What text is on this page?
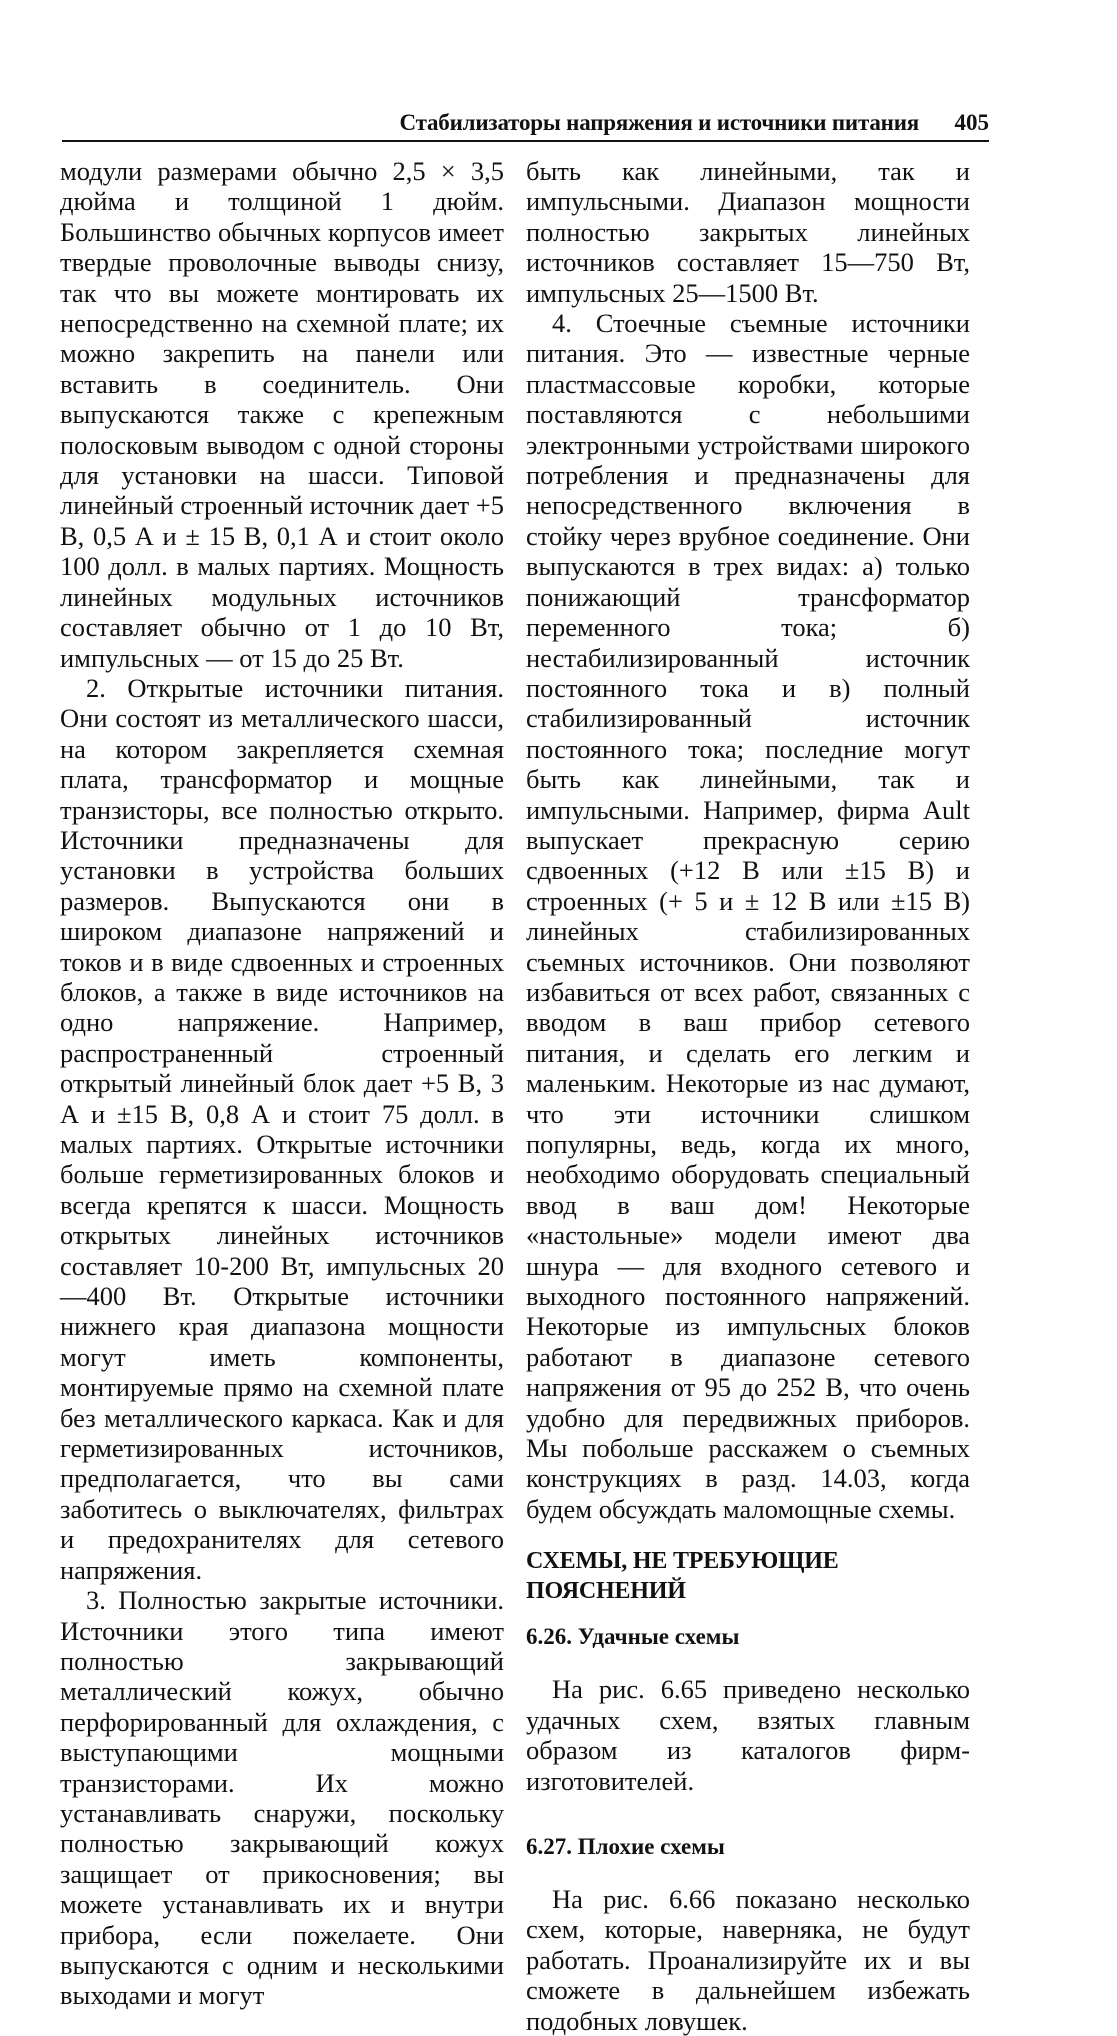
Стабилизаторы напряжения и источники питания 405

модули размерами обычно 2,5 × 3,5 дюйма и толщиной 1 дюйм. Большинство обычных корпусов имеет твердые проволочные выводы снизу, так что вы можете монтировать их непосредственно на схемной плате; их можно закрепить на панели или вставить в соединитель. Они выпускаются также с крепежным полосковым выводом с одной стороны для установки на шасси. Типовой линейный строенный источник дает +5 В, 0,5 А и ± 15 В, 0,1 А и стоит около 100 долл. в малых партиях. Мощность линейных модульных источников составляет обычно от 1 до 10 Вт, импульсных — от 15 до 25 Вт.

2. Открытые источники питания. Они состоят из металлического шасси, на котором закрепляется схемная плата, трансформатор и мощные транзисторы, все полностью открыто. Источники предназначены для установки в устройства больших размеров. Выпускаются они в широком диапазоне напряжений и токов и в виде сдвоенных и строенных блоков, а также в виде источников на одно напряжение. Например, распространенный строенный открытый линейный блок дает +5 В, 3 А и ±15 В, 0,8 А и стоит 75 долл. в малых партиях. Открытые источники больше герметизированных блоков и всегда крепятся к шасси. Мощность открытых линейных источников составляет 10-200 Вт, импульсных 20—400 Вт. Открытые источники нижнего края диапазона мощности могут иметь компоненты, монтируемые прямо на схемной плате без металлического каркаса. Как и для герметизированных источников, предполагается, что вы сами заботитесь о выключателях, фильтрах и предохранителях для сетевого напряжения.

3. Полностью закрытые источники. Источники этого типа имеют полностью закрывающий металлический кожух, обычно перфорированный для охлаждения, с выступающими мощными транзисторами. Их можно устанавливать снаружи, поскольку полностью закрывающий кожух защищает от прикосновения; вы можете устанавливать их и внутри прибора, если пожелаете. Они выпускаются с одним и несколькими выходами и могут

быть как линейными, так и импульсными. Диапазон мощности полностью закрытых линейных источников составляет 15—750 Вт, импульсных 25—1500 Вт.

4. Стоечные съемные источники питания. Это — известные черные пластмассовые коробки, которые поставляются с небольшими электронными устройствами широкого потребления и предназначены для непосредственного включения в стойку через врубное соединение. Они выпускаются в трех видах: а) только понижающий трансформатор переменного тока; б) нестабилизированный источник постоянного тока и в) полный стабилизированный источник постоянного тока; последние могут быть как линейными, так и импульсными. Например, фирма Ault выпускает прекрасную серию сдвоенных (+12 В или ±15 В) и строенных (+ 5 и ± 12 В или ±15 В) линейных стабилизированных съемных источников. Они позволяют избавиться от всех работ, связанных с вводом в ваш прибор сетевого питания, и сделать его легким и маленьким. Некоторые из нас думают, что эти источники слишком популярны, ведь, когда их много, необходимо оборудовать специальный ввод в ваш дом! Некоторые «настольные» модели имеют два шнура — для входного сетевого и выходного постоянного напряжений. Некоторые из импульсных блоков работают в диапазоне сетевого напряжения от 95 до 252 В, что очень удобно для передвижных приборов. Мы побольше расскажем о съемных конструкциях в разд. 14.03, когда будем обсуждать маломощные схемы.

СХЕМЫ, НЕ ТРЕБУЮЩИЕ ПОЯСНЕНИЙ
6.26. Удачные схемы

На рис. 6.65 приведено несколько удачных схем, взятых главным образом из каталогов фирм-изготовителей.

6.27. Плохие схемы

На рис. 6.66 показано несколько схем, которые, наверняка, не будут работать. Проанализируйте их и вы сможете в дальнейшем избежать подобных ловушек.
